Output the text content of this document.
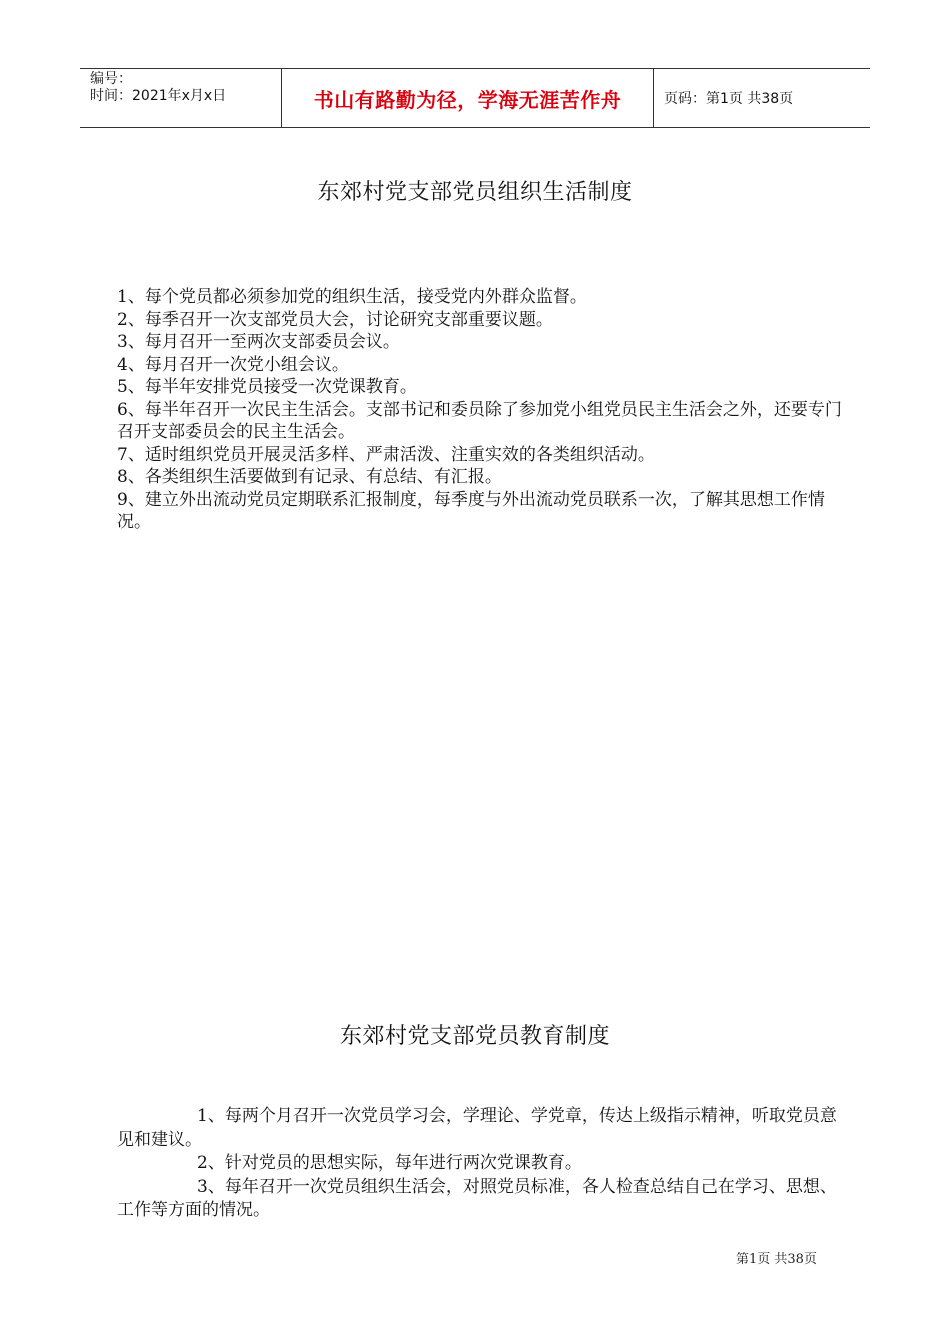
编号：
时间：2021年x月x日	书山有路勤为径，学海无涯苦作舟	页码：第1页 共38页
东郊村党支部党员组织生活制度
1、每个党员都必须参加党的组织生活，接受党内外群众监督。
2、每季召开一次支部党员大会，讨论研究支部重要议题。
3、每月召开一至两次支部委员会议。
4、每月召开一次党小组会议。
5、每半年安排党员接受一次党课教育。
6、每半年召开一次民主生活会。支部书记和委员除了参加党小组党员民主生活会之外，还要专门召开支部委员会的民主生活会。
7、适时组织党员开展灵活多样、严肃活泼、注重实效的各类组织活动。
8、各类组织生活要做到有记录、有总结、有汇报。
9、建立外出流动党员定期联系汇报制度，每季度与外出流动党员联系一次，了解其思想工作情况。
东郊村党支部党员教育制度
1、每两个月召开一次党员学习会，学理论、学党章，传达上级指示精神，听取党员意见和建议。
2、针对党员的思想实际，每年进行两次党课教育。
3、每年召开一次党员组织生活会，对照党员标准，各人检查总结自己在学习、思想、工作等方面的情况。
第1页 共38页
